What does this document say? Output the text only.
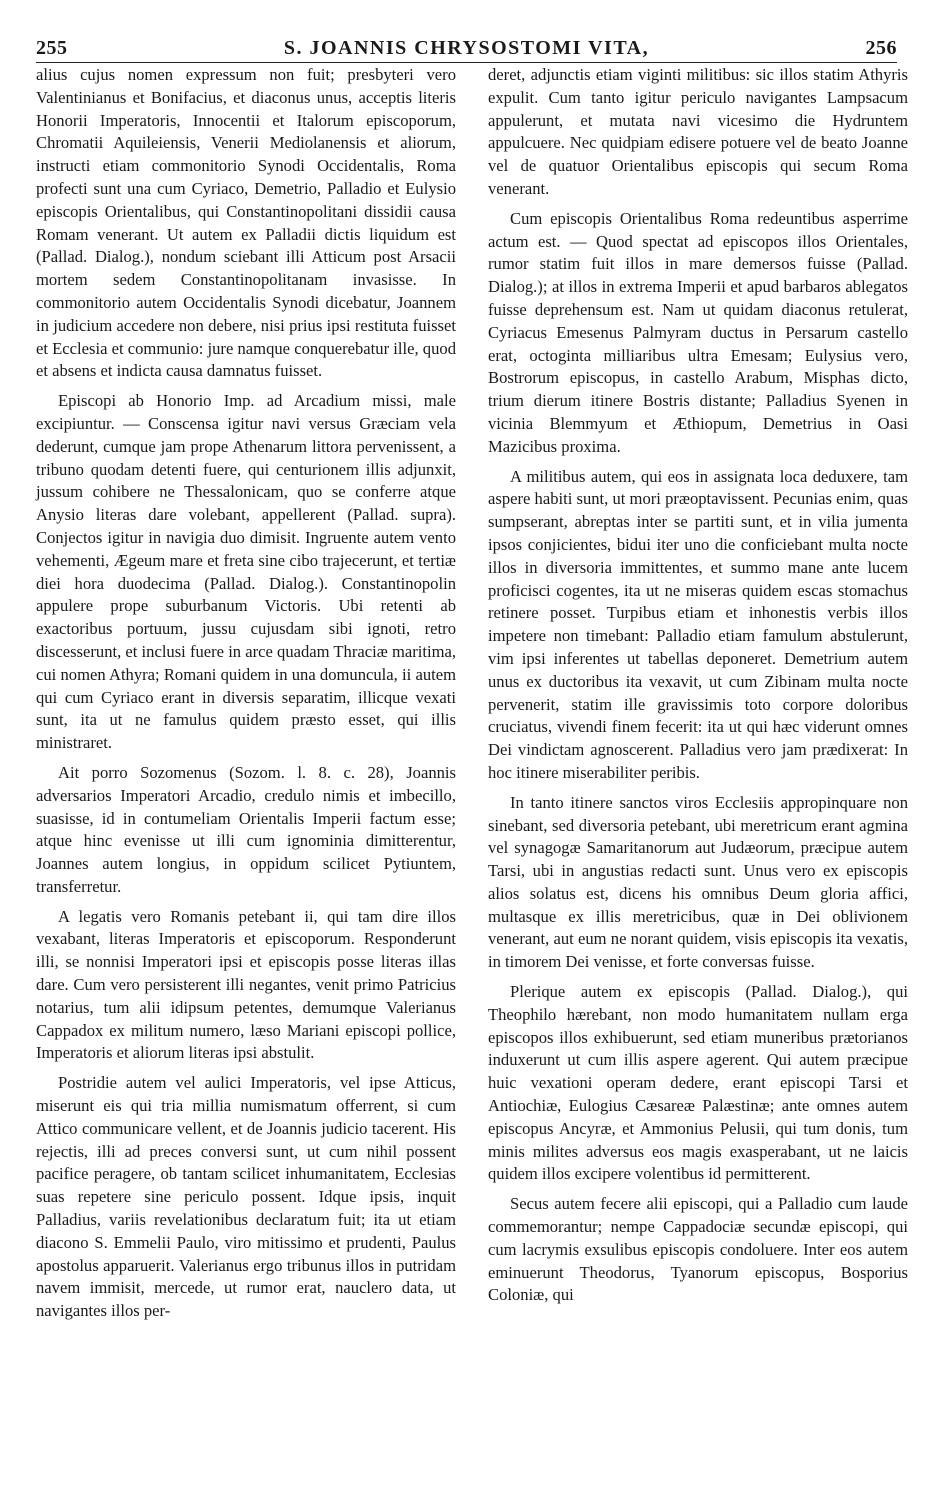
255	S. JOANNIS CHRYSOSTOMI VITA,	256

alius cujus nomen expressum non fuit; presbyteri vero Valentinianus et Bonifacius, et diaconus unus, acceptis literis Honorii Imperatoris, Innocentii et Italorum episcoporum, Chromatii Aquileiensis, Venerii Mediolanensis et aliorum, instructi etiam commonitorio Synodi Occidentalis, Roma profecti sunt una cum Cyriaco, Demetrio, Palladio et Eulysio episcopis Orientalibus, qui Constantinopolitani dissidii causa Romam venerant. Ut autem ex Palladii dictis liquidum est (Pallad. Dialog.), nondum sciebant illi Atticum post Arsacii mortem sedem Constantinopolitanam invasisse. In commonitorio autem Occidentalis Synodi dicebatur, Joannem in judicium accedere non debere, nisi prius ipsi restituta fuisset et Ecclesia et communio: jure namque conquerebatur ille, quod et absens et indicta causa damnatus fuisset.

Episcopi ab Honorio Imp. ad Arcadium missi, male excipiuntur. — Conscensa igitur navi versus Græciam vela dederunt, cumque jam prope Athenarum littora pervenissent, a tribuno quodam detenti fuere, qui centurionem illis adjunxit, jussum cohibere ne Thessalonicam, quo se conferre atque Anysio literas dare volebant, appellerent (Pallad. supra). Conjectos igitur in navigia duo dimisit. Ingruente autem vento vehementi, Ægeum mare et freta sine cibo trajecerunt, et tertiæ diei hora duodecima (Pallad. Dialog.). Constantinopolin appulere prope suburbanum Victoris. Ubi retenti ab exactoribus portuum, jussu cujusdam sibi ignoti, retro discesserunt, et inclusi fuere in arce quadam Thraciæ maritima, cui nomen Athyra; Romani quidem in una domuncula, ii autem qui cum Cyriaco erant in diversis separatim, illicque vexati sunt, ita ut ne famulus quidem præsto esset, qui illis ministraret.

Ait porro Sozomenus (Sozom. l. 8. c. 28), Joannis adversarios Imperatori Arcadio, credulo nimis et imbecillo, suasisse, id in contumeliam Orientalis Imperii factum esse; atque hinc evenisse ut illi cum ignominia dimitterentur, Joannes autem longius, in oppidum scilicet Pytiuntem, transferretur.

A legatis vero Romanis petebant ii, qui tam dire illos vexabant, literas Imperatoris et episcoporum. Responderunt illi, se nonnisi Imperatori ipsi et episcopis posse literas illas dare. Cum vero persisterent illi negantes, venit primo Patricius notarius, tum alii idipsum petentes, demumque Valerianus Cappadox ex militum numero, læso Mariani episcopi pollice, Imperatoris et aliorum literas ipsi abstulit.

Postridie autem vel aulici Imperatoris, vel ipse Atticus, miserunt eis qui tria millia numismatum offerrent, si cum Attico communicare vellent, et de Joannis judicio tacerent. His rejectis, illi ad preces conversi sunt, ut cum nihil possent pacifice peragere, ob tantam scilicet inhumanitatem, Ecclesias suas repetere sine periculo possent. Idque ipsis, inquit Palladius, variis revelationibus declaratum fuit; ita ut etiam diacono S. Emmelii Paulo, viro mitissimo et prudenti, Paulus apostolus apparuerit. Valerianus ergo tribunus illos in putridam navem immisit, mercede, ut rumor erat, nauclero data, ut navigantes illos per-

deret, adjunctis etiam viginti militibus: sic illos statim Athyris expulit. Cum tanto igitur periculo navigantes Lampsacum appulerunt, et mutata navi vicesimo die Hydruntem appulcuere. Nec quidpiam edisere potuere vel de beato Joanne vel de quatuor Orientalibus episcopis qui secum Roma venerant.

Cum episcopis Orientalibus Roma redeuntibus asperrime actum est. — Quod spectat ad episcopos illos Orientales, rumor statim fuit illos in mare demersos fuisse (Pallad. Dialog.); at illos in extrema Imperii et apud barbaros ablegatos fuisse deprehensum est. Nam ut quidam diaconus retulerat, Cyriacus Emesenus Palmyram ductus in Persarum castello erat, octoginta milliaribus ultra Emesam; Eulysius vero, Bostrorum episcopus, in castello Arabum, Misphas dicto, trium dierum itinere Bostris distante; Palladius Syenen in vicinia Blemmyum et Æthiopum, Demetrius in Oasi Mazicibus proxima.

A militibus autem, qui eos in assignata loca deduxere, tam aspere habiti sunt, ut mori præoptavissent. Pecunias enim, quas sumpserant, abreptas inter se partiti sunt, et in vilia jumenta ipsos conjicientes, bidui iter uno die conficiebant multa nocte illos in diversoria immittentes, et summo mane ante lucem proficisci cogentes, ita ut ne miseras quidem escas stomachus retinere posset. Turpibus etiam et inhonestis verbis illos impetere non timebant: Palladio etiam famulum abstulerunt, vim ipsi inferentes ut tabellas deponeret. Demetrium autem unus ex ductoribus ita vexavit, ut cum Zibinam multa nocte pervenerit, statim ille gravissimis toto corpore doloribus cruciatus, vivendi finem fecerit: ita ut qui hæc viderunt omnes Dei vindictam agnoscerent. Palladius vero jam prædixerat: In hoc itinere miserabiliter peribis.

In tanto itinere sanctos viros Ecclesiis appropinquare non sinebant, sed diversoria petebant, ubi meretricum erant agmina vel synagogæ Samaritanorum aut Judæorum, præcipue autem Tarsi, ubi in angustias redacti sunt. Unus vero ex episcopis alios solatus est, dicens his omnibus Deum gloria affici, multasque ex illis meretricibus, quæ in Dei oblivionem venerant, aut eum ne norant quidem, visis episcopis ita vexatis, in timorem Dei venisse, et forte conversas fuisse.

Plerique autem ex episcopis (Pallad. Dialog.), qui Theophilo hærebant, non modo humanitatem nullam erga episcopos illos exhibuerunt, sed etiam muneribus prætorianos induxerunt ut cum illis aspere agerent. Qui autem præcipue huic vexationi operam dedere, erant episcopi Tarsi et Antiochiæ, Eulogius Cæsareæ Palæstinæ; ante omnes autem episcopus Ancyræ, et Ammonius Pelusii, qui tum donis, tum minis milites adversus eos magis exasperabant, ut ne laicis quidem illos excipere volentibus id permitterent.

Secus autem fecere alii episcopi, qui a Palladio cum laude commemorantur; nempe Cappadociæ secundæ episcopi, qui cum lacrymis exsulibus episcopis condoluere. Inter eos autem eminuerunt Theodorus, Tyanorum episcopus, Bosporius Coloniæ, qui
